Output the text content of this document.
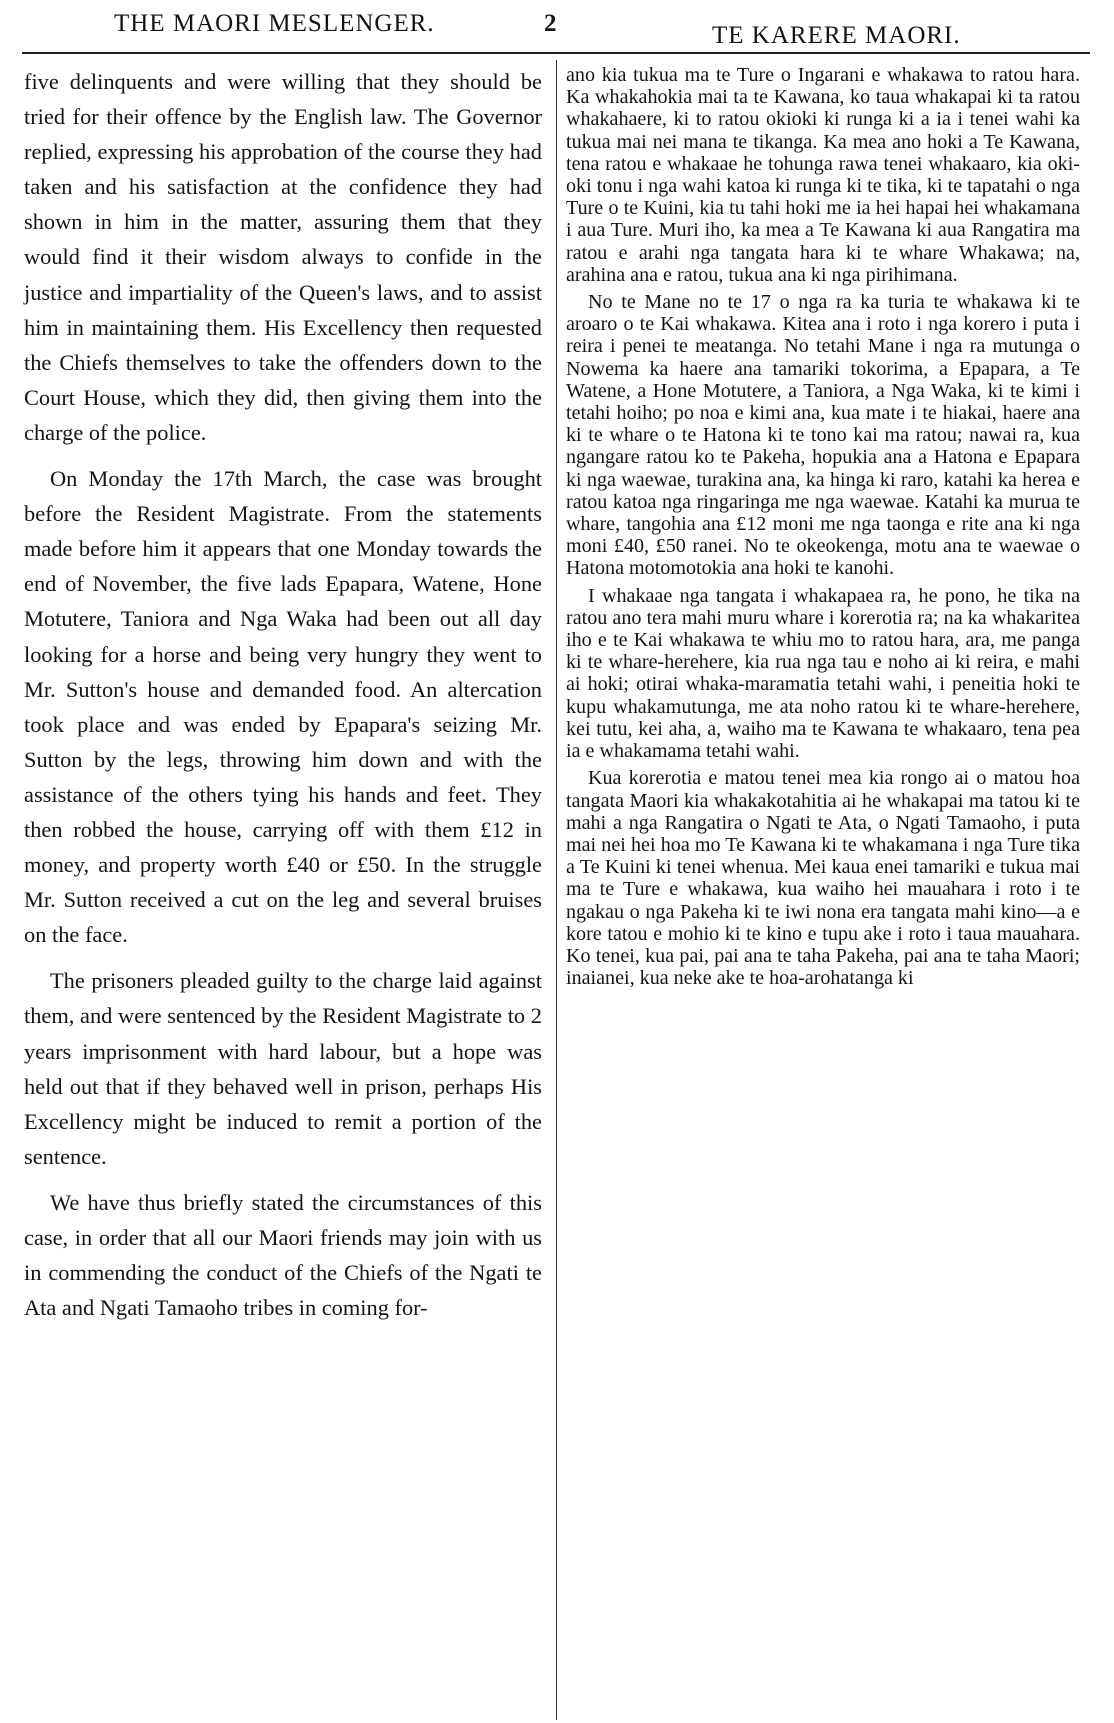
THE MAORI MESLENGER.	2	TE KARERE MAORI.

five delinquents and were willing that they should be tried for their offence by the English law. The Governor replied, expressing his approbation of the course they had taken and his satisfaction at the confidence they had shown in him in the matter, assuring them that they would find it their wisdom always to confide in the justice and impartiality of the Queen's laws, and to assist him in maintaining them. His Excellency then requested the Chiefs themselves to take the offenders down to the Court House, which they did, then giving them into the charge of the police.

On Monday the 17th March, the case was brought before the Resident Magistrate. From the statements made before him it appears that one Monday towards the end of November, the five lads Epapara, Watene, Hone Motutere, Taniora and Nga Waka had been out all day looking for a horse and being very hungry they went to Mr. Sutton's house and demanded food. An altercation took place and was ended by Epapara's seizing Mr. Sutton by the legs, throwing him down and with the assistance of the others tying his hands and feet. They then robbed the house, carrying off with them £12 in money, and property worth £40 or £50. In the struggle Mr. Sutton received a cut on the leg and several bruises on the face.

The prisoners pleaded guilty to the charge laid against them, and were sentenced by the Resident Magistrate to 2 years imprisonment with hard labour, but a hope was held out that if they behaved well in prison, perhaps His Excellency might be induced to remit a portion of the sentence.

We have thus briefly stated the circumstances of this case, in order that all our Maori friends may join with us in commending the conduct of the Chiefs of the Ngati te Ata and Ngati Tamaoho tribes in coming for-

ano kia tukua ma te Ture o Ingarani e whakawa to ratou hara. Ka whakahokia mai ta te Kawana, ko taua whakapai ki ta ratou whakahaere, ki to ratou okioki ki runga ki a ia i tenei wahi ka tukua mai nei mana te tikanga. Ka mea ano hoki a Te Kawana, tena ratou e whakaae he tohunga rawa tenei whakaaro, kia oki-oki tonu i nga wahi katoa ki runga ki te tika, ki te tapatahi o nga Ture o te Kuini, kia tu tahi hoki me ia hei hapai hei whakamana i aua Ture. Muri iho, ka mea a Te Kawana ki aua Rangatira ma ratou e arahi nga tangata hara ki te whare Whakawa; na, arahina ana e ratou, tukua ana ki nga pirihimana.

No te Mane no te 17 o nga ra ka turia te whakawa ki te aroaro o te Kai whakawa. Kitea ana i roto i nga korero i puta i reira i penei te meatanga. No tetahi Mane i nga ra mutunga o Nowema ka haere ana tamariki tokorima, a Epapara, a Te Watene, a Hone Motutere, a Taniora, a Nga Waka, ki te kimi i tetahi hoiho; po noa e kimi ana, kua mate i te hiakai, haere ana ki te whare o te Hatona ki te tono kai ma ratou; nawai ra, kua ngangare ratou ko te Pakeha, hopukia ana a Hatona e Epapara ki nga waewae, turakina ana, ka hinga ki raro, katahi ka herea e ratou katoa nga ringaringa me nga waewae. Katahi ka murua te whare, tangohia ana £12 moni me nga taonga e rite ana ki nga moni £40, £50 ranei. No te okeokenga, motu ana te waewae o Hatona motomotokia ana hoki te kanohi.

I whakaae nga tangata i whakapaea ra, he pono, he tika na ratou ano tera mahi muru whare i korerotia ra; na ka whakaritea iho e te Kai whakawa te whiu mo to ratou hara, ara, me panga ki te whare-herehere, kia rua nga tau e noho ai ki reira, e mahi ai hoki; otirai whaka-maramatia tetahi wahi, i peneitia hoki te kupu whakamutunga, me ata noho ratou ki te whare-herehere, kei tutu, kei aha, a, waiho ma te Kawana te whakaaro, tena pea ia e whakamama tetahi wahi.

Kua korerotia e matou tenei mea kia rongo ai o matou hoa tangata Maori kia whakakotahitia ai he whakapai ma tatou ki te mahi a nga Rangatira o Ngati te Ata, o Ngati Tamaoho, i puta mai nei hei hoa mo Te Kawana ki te whakamana i nga Ture tika a Te Kuini ki tenei whenua. Mei kaua enei tamariki e tukua mai ma te Ture e whakawa, kua waiho hei mauahara i roto i te ngakau o nga Pakeha ki te iwi nona era tangata mahi kino—a e kore tatou e mohio ki te kino e tupu ake i roto i taua mauahara. Ko tenei, kua pai, pai ana te taha Pakeha, pai ana te taha Maori; inaianei, kua neke ake te hoa-arohatanga ki
